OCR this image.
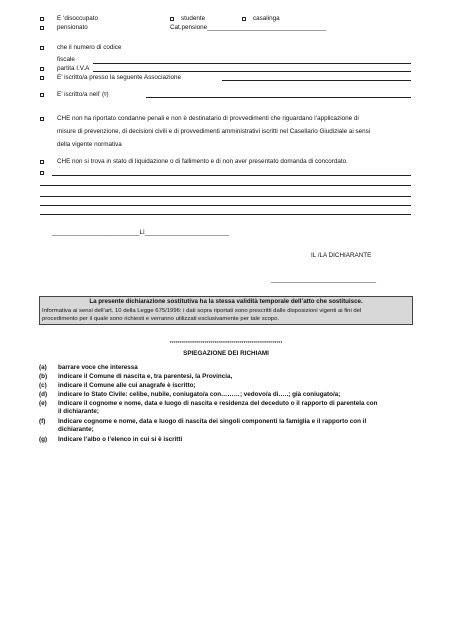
E ‘disoccupato	studente	casalinga
pensionato	Cat.pensione__________________________________
che il numero di codice
fiscale
partita I.V.A
E’ iscritto/a presso la seguente Associazione
E’ iscritto/a nell’ (ᵍ)
CHE non ha riportato condanne penali e non è destinatario di provvedimenti che riguardano l’applicazione di
misure di prevenzione, di decisioni civili e di provvedimenti amministrativi iscritti nel Casellario Giudiziale ai sensi
della vigente normativa
CHE non si trova in stato di liquidazione o di fallimento e di non aver presentato domanda di concordato.
_________________________Lì________________________
IL /LA DICHIARANTE
______________________________
La presente dichiarazione sostitutiva ha la stessa validità temporale dell’atto che sostituisce.
Informativa ai sensi dell’art. 10 della Legge 675/1996: i dati sopra riportati sono prescritti dalle disposizioni vigenti ai fini del
procedimento per il quale sono richiesti e verranno utilizzati esclusivamente per tale scopo.
**********************************************************
SPIEGAZIONE DEI RICHIAMI
(a) barrare voce che interessa
(b) indicare il Comune di nascita e, tra parentesi, la Provincia,
(c) indicare il Comune alle cui anagrafe è iscritto;
(d) indicare lo Stato Civile: celibe, nubile, coniugato/a con………; vedovo/a di…..; già coniugato/a;
(e) Indicare il cognome e nome, data e luogo di nascita e residenza del deceduto o il rapporto di parentela con
il dichiarante;
(f) Indicare cognome e nome, data e luogo di nascita dei singoli componenti la famiglia e il rapporto con il
dichiarante;
(g) Indicare l’albo o l’elenco in cui si è iscritti
